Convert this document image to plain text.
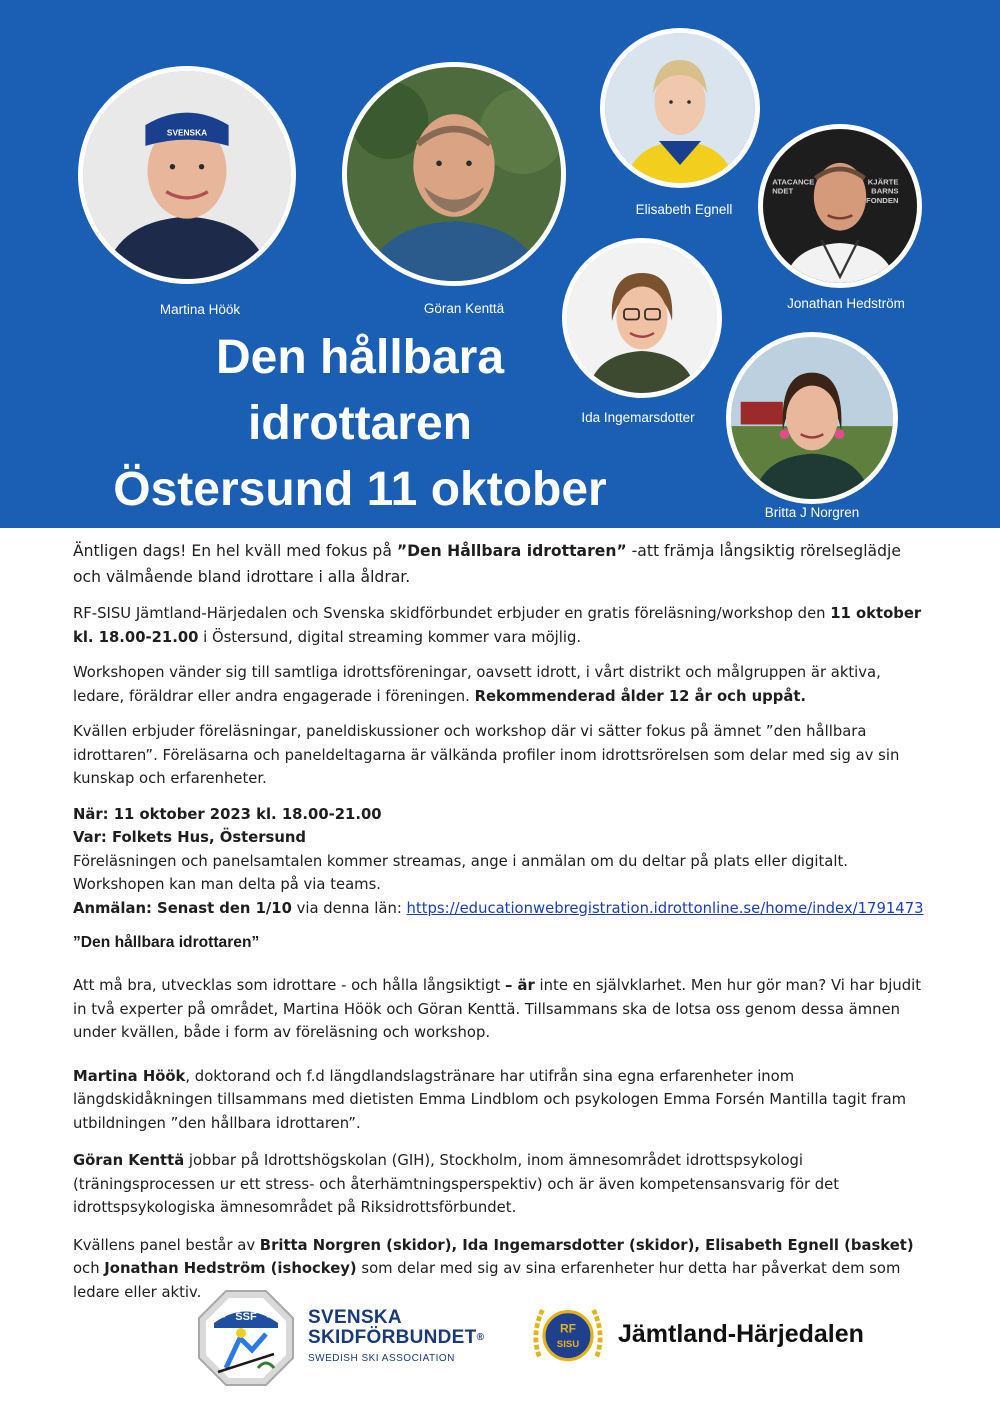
SVENSKA
Martina Höök	Göran Kenttä
Elisabeth Egnell
KJÄRTE
BARNS
FONDEN
ATACANCE
NDET
Jonathan Hedström
Ida Ingemarsdotter
Britta J Norgren
Den hållbara
idrottaren
Östersund 11 oktober
Äntligen dags! En hel kväll med fokus på ”Den Hållbara idrottaren” -att främja långsiktig rörelseglädje och välmående bland idrottare i alla åldrar.
RF-SISU Jämtland-Härjedalen och Svenska skidförbundet erbjuder en gratis föreläsning/workshop den 11 oktober kl. 18.00-21.00 i Östersund, digital streaming kommer vara möjlig.
Workshopen vänder sig till samtliga idrottsföreningar, oavsett idrott, i vårt distrikt och målgruppen är aktiva, ledare, föräldrar eller andra engagerade i föreningen. Rekommenderad ålder 12 år och uppåt.
Kvällen erbjuder föreläsningar, paneldiskussioner och workshop där vi sätter fokus på ämnet ”den hållbara idrottaren”. Föreläsarna och paneldeltagarna är välkända profiler inom idrottsrörelsen som delar med sig av sin kunskap och erfarenheter.
När: 11 oktober 2023 kl. 18.00-21.00
Var: Folkets Hus, Östersund
Föreläsningen och panelsamtalen kommer streamas, ange i anmälan om du deltar på plats eller digitalt.
Workshopen kan man delta på via teams.
Anmälan: Senast den 1/10 via denna län: https://educationwebregistration.idrottonline.se/home/index/1791473
”Den hållbara idrottaren”
Att må bra, utvecklas som idrottare - och hålla långsiktigt – är inte en självklarhet. Men hur gör man? Vi har bjudit in två experter på området, Martina Höök och Göran Kenttä. Tillsammans ska de lotsa oss genom dessa ämnen under kvällen, både i form av föreläsning och workshop.
Martina Höök, doktorand och f.d längdlandslagstränare har utifrån sina egna erfarenheter inom längdskidåkningen tillsammans med dietisten Emma Lindblom och psykologen Emma Forsén Mantilla tagit fram utbildningen ”den hållbara idrottaren”.
Göran Kenttä jobbar på Idrottshögskolan (GIH), Stockholm, inom ämnesområdet idrottspsykologi (träningsprocessen ur ett stress- och återhämtningsperspektiv) och är även kompetensansvarig för det idrottspsykologiska ämnesområdet på Riksidrottsförbundet.
Kvällens panel består av Britta Norgren (skidor), Ida Ingemarsdotter (skidor), Elisabeth Egnell (basket) och Jonathan Hedström (ishockey) som delar med sig av sina erfarenheter hur detta har påverkat dem som ledare eller aktiv.
SSF	SVENSKA
SKIDFÖRBUNDET®
SWEDISH SKI ASSOCIATION
RF
SISU Jämtland-Härjedalen
